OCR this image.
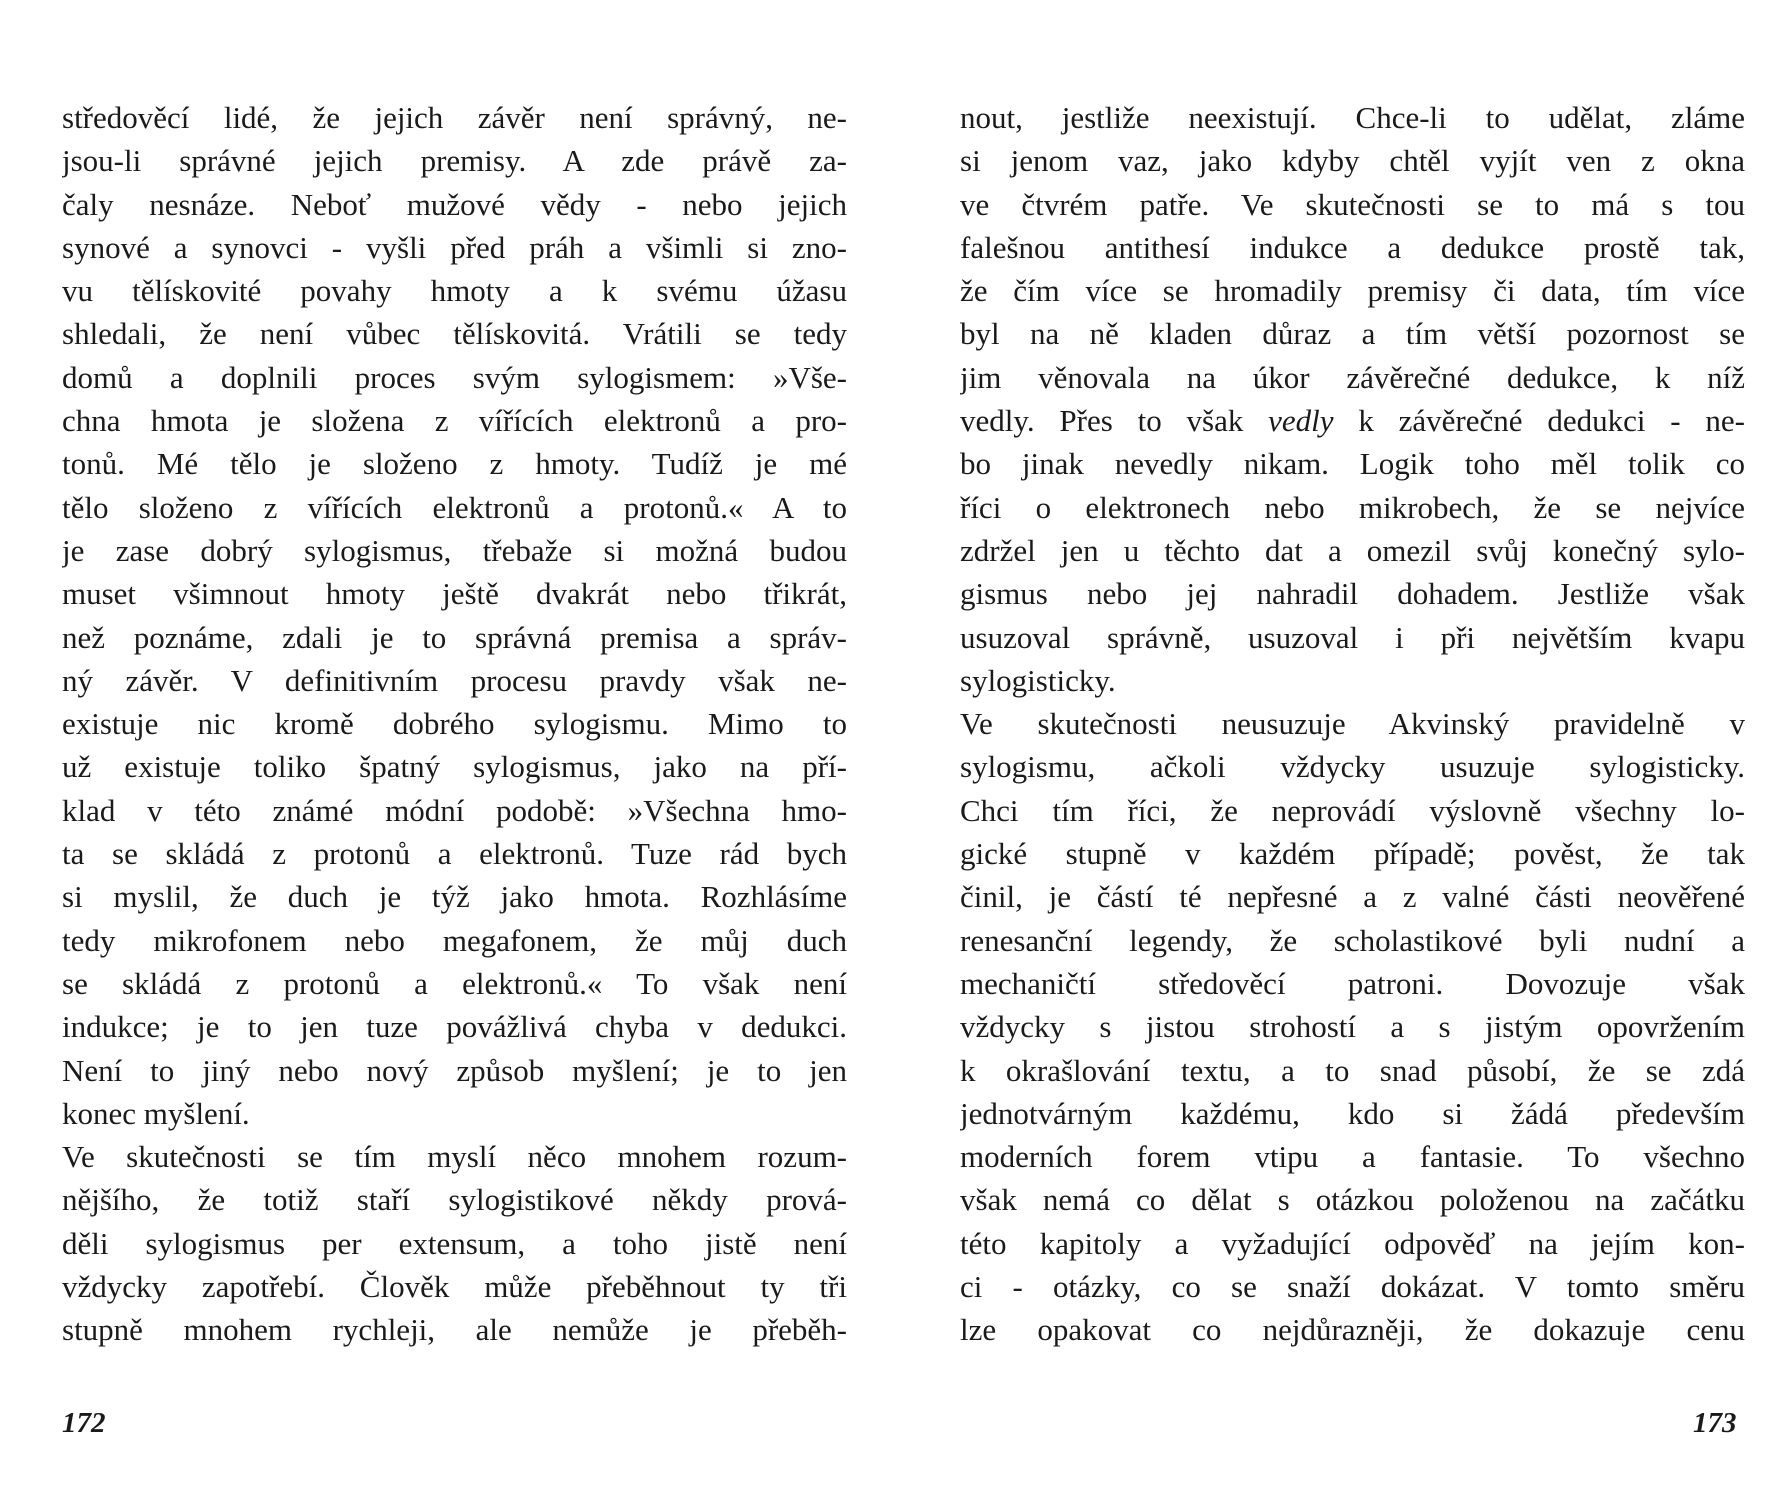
středověcí lidé, že jejich závěr není správný, ne-
jsou-li správné jejich premisy. A zde právě za-
čaly nesnáze. Neboť mužové vědy - nebo jejich
synové a synovci - vyšli před práh a všimli si zno-
vu tělískovité povahy hmoty a k svému úžasu
shledali, že není vůbec tělískovitá. Vrátili se tedy
domů a doplnili proces svým sylogismem: »Vše-
chna hmota je složena z vířících elektronů a pro-
tonů. Mé tělo je složeno z hmoty. Tudíž je mé
tělo složeno z vířících elektronů a protonů.« A to
je zase dobrý sylogismus, třebaže si možná budou
muset všimnout hmoty ještě dvakrát nebo třikrát,
než poznáme, zdali je to správná premisa a správ-
ný závěr. V definitivním procesu pravdy však ne-
existuje nic kromě dobrého sylogismu. Mimo to
už existuje toliko špatný sylogismus, jako na pří-
klad v této známé módní podobě: »Všechna hmo-
ta se skládá z protonů a elektronů. Tuze rád bych
si myslil, že duch je týž jako hmota. Rozhlásíme
tedy mikrofonem nebo megafonem, že můj duch
se skládá z protonů a elektronů.« To však není
indukce; je to jen tuze povážlivá chyba v dedukci.
Není to jiný nebo nový způsob myšlení; je to jen
konec myšlení.
Ve skutečnosti se tím myslí něco mnohem rozum-
nějšího, že totiž staří sylogistikové někdy prová-
děli sylogismus per extensum, a toho jistě není
vždycky zapotřebí. Člověk může přeběhnout ty tři
stupně mnohem rychleji, ale nemůže je přeběh-
nout, jestliže neexistují. Chce-li to udělat, zláme
si jenom vaz, jako kdyby chtěl vyjít ven z okna
ve čtvrém patře. Ve skutečnosti se to má s tou
falešnou antithesí indukce a dedukce prostě tak,
že čím více se hromadily premisy či data, tím více
byl na ně kladen důraz a tím větší pozornost se
jim věnovala na úkor závěrečné dedukce, k níž
vedly. Přes to však vedly k závěrečné dedukci - ne-
bo jinak nevedly nikam. Logik toho měl tolik co
říci o elektronech nebo mikrobech, že se nejvíce
zdržel jen u těchto dat a omezil svůj konečný sylo-
gismus nebo jej nahradil dohadem. Jestliže však
usuzoval správně, usuzoval i při největším kvapu
sylogisticky.
Ve skutečnosti neusuzuje Akvinský pravidelně v
sylogismu, ačkoli vždycky usuzuje sylogisticky.
Chci tím říci, že neprovádí výslovně všechny lo-
gické stupně v každém případě; pověst, že tak
činil, je částí té nepřesné a z valné části neověřené
renesanční legendy, že scholastikové byli nudní a
mechaničtí středověcí patroni. Dovozuje však
vždycky s jistou strohostí a s jistým opovržením
k okrašlování textu, a to snad působí, že se zdá
jednotvárným každému, kdo si žádá především
moderních forem vtipu a fantasie. To všechno
však nemá co dělat s otázkou položenou na začátku
této kapitoly a vyžadující odpověď na jejím kon-
ci - otázky, co se snaží dokázat. V tomto směru
lze opakovat co nejdůrazněji, že dokazuje cenu
172	173
